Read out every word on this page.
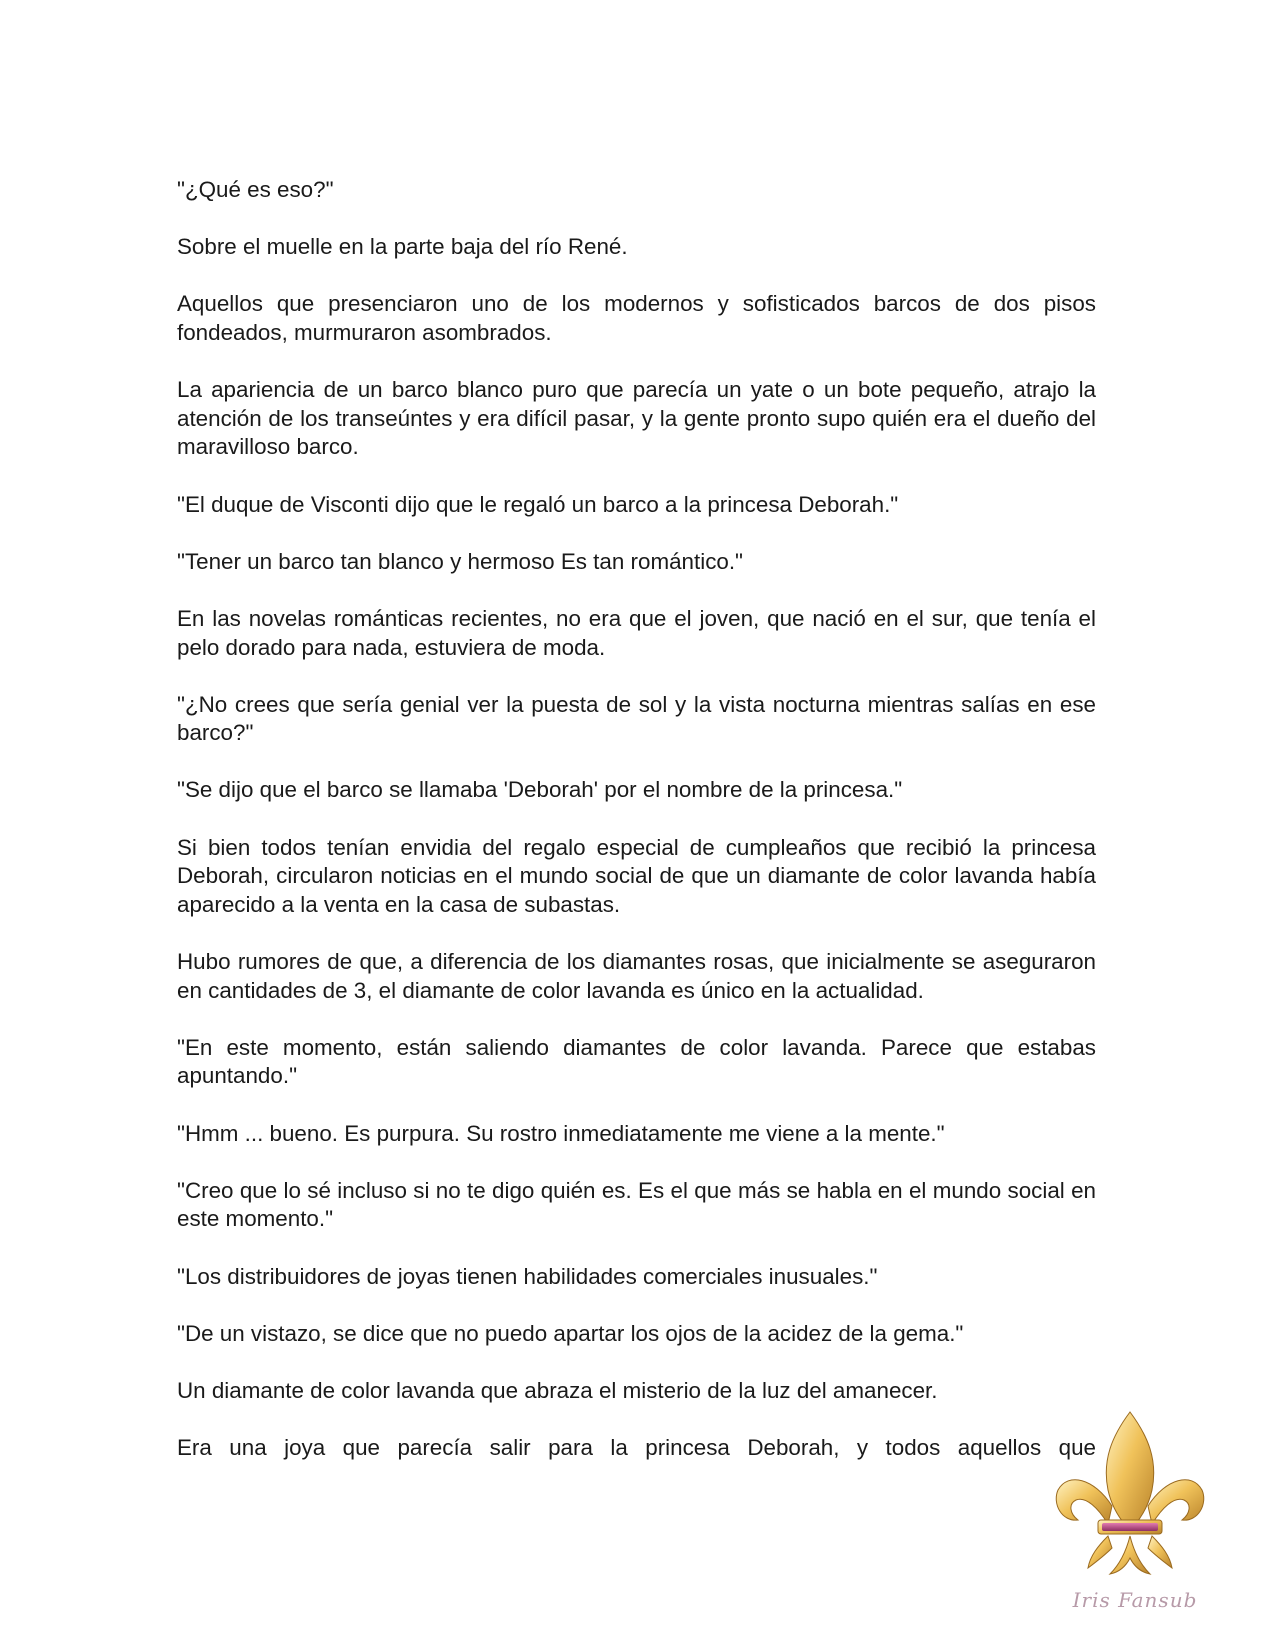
"¿Qué es eso?"

Sobre el muelle en la parte baja del río René.

Aquellos que presenciaron uno de los modernos y sofisticados barcos de dos pisos fondeados, murmuraron asombrados.

La apariencia de un barco blanco puro que parecía un yate o un bote pequeño, atrajo la atención de los transeúntes y era difícil pasar, y la gente pronto supo quién era el dueño del maravilloso barco.

"El duque de Visconti dijo que le regaló un barco a la princesa Deborah."

"Tener un barco tan blanco y hermoso Es tan romántico."

En las novelas románticas recientes, no era que el joven, que nació en el sur, que tenía el pelo dorado para nada, estuviera de moda.

"¿No crees que sería genial ver la puesta de sol y la vista nocturna mientras salías en ese barco?"

"Se dijo que el barco se llamaba 'Deborah' por el nombre de la princesa."

Si bien todos tenían envidia del regalo especial de cumpleaños que recibió la princesa Deborah, circularon noticias en el mundo social de que un diamante de color lavanda había aparecido a la venta en la casa de subastas.

Hubo rumores de que, a diferencia de los diamantes rosas, que inicialmente se aseguraron en cantidades de 3, el diamante de color lavanda es único en la actualidad.

"En este momento, están saliendo diamantes de color lavanda. Parece que estabas apuntando."

"Hmm ... bueno. Es purpura. Su rostro inmediatamente me viene a la mente."

"Creo que lo sé incluso si no te digo quién es. Es el que más se habla en el mundo social en este momento."

"Los distribuidores de joyas tienen habilidades comerciales inusuales."

"De un vistazo, se dice que no puedo apartar los ojos de la acidez de la gema."

Un diamante de color lavanda que abraza el misterio de la luz del amanecer.

Era una joya que parecía salir para la princesa Deborah, y todos aquellos que

Iris Fansub
